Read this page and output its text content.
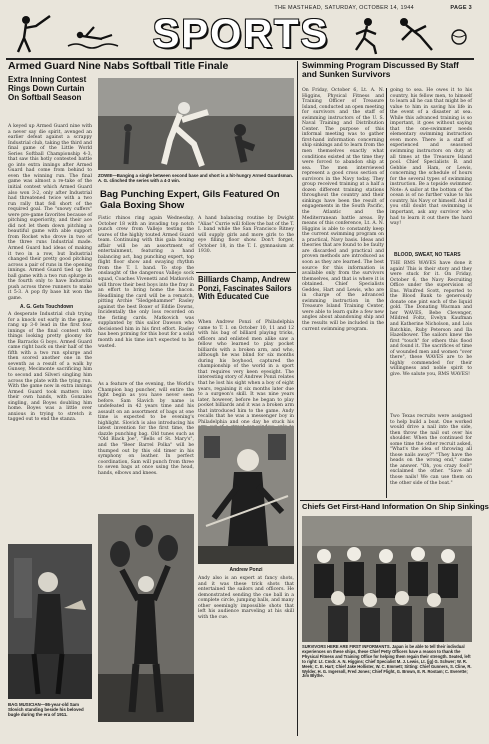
THE MASTHEAD, SATURDAY, OCTOBER 14, 1944	PAGE 3
SPORTS
Armed Guard Nine Nabs Softball Title Finale
Extra Inning Contest Rings Down Curtain On Softball Season
A keyed up Armed Guard nine with a never say die spirit, avenged an earlier defeat against a scrappy Industrial club, taking the third and final game of the Little World Series Softball Championship 4-3, that saw this hotly contested battle go into extra innings after Armed Guard had come from behind to even the winning run. The final game was almost a re-take of the initial contest which Armed Guard also won 3-2, only after Industrial had threatened twice with a two run rally that fell short of the required goal. The "snowy cuffers" were pre-game favorites because of pitching superiority, and their ace did not let them down pitching a beautiful game with able support from Rocket who drove in two of the three runs Industrial made. Armed Guard had ideas of making it two in a row, but Industrial changed their pretty good pitching across a pair of runs in the opening innings. Armed Guard tied up the ball game with a two run splurge in the fourth only to have Industrial push across three runners to make it 5-3. A pop fly base hit won the game.
A. G. Gets Touchdown
A desperate Industrial club trying for a knock out early in the game, rang up 3-0 lead in the first four innings of the final contest with things looking pretty gloomy for the Barracks G boys. Armed Guard came right back on their half of the fifth with a two run splurge and then scored another one in the seventh as a result of a walk by Gunsey, Mecimonte sacrificing him to second and Silveri singling him across the plate with the tying run. With the game now in extra innings Armed Guard took matters into their own hands, with Gonzales singling, and Boyes doubling him home. Boyes was a little over anxious in trying to stretch it tagged out to end the stanza.
BAG MUSICIAN—86-year-old Sam Slovich standing beside his beloved bugle during the era of 1911.
ZOWIE—Banging a single between second base and short is a hit-hungry Armed Guardsman. A. G. clinched the series with a 4-3 win.
Bag Punching Expert, Gils Featured On Gala Boxing Show
Fistic rhinos ring again Wednesday, October 18 with an invading top notch punch crew from Vallejo testing the wares of the highly touted Armed Guard team. Continuing with this gala boxing affair will be an assortment of entertainment, featuring a hand balancing act, bag punching expert, top flight floor show and swaying rhythm from the T. I. band. To stop the onslaught of the dangerous Vallejo sock squad, Coaches Vivenetti and Matkovich will throw their best boys into the fray in an effort to bring home the bacon. Headlining the card will be a rematch, pitting Archie "Sledgehammer" Rasley against the best Boxer of Eddie Downs, Incidentally the only loss recorded on the fisting cards. Matkovich was supplanted by this sailor Dawson who decisioned him in his first effort. Rasley has been priming for this bout for a solid month and his time isn't expected to be wasted.
As a feature of the evening, the World's Champion bag puncher, will entire the fight begin as you have never seen before. Sam Slavich by name is undefeated in 42 years time and his assault on an assortment of bags at one time is expected to be evening's highlight. Slovich is also introducing his latest invention for the first time, the dazzle punching bag. Old tunes such as "Old Black Joe", "Bells of St. Mary's", and the "Beer Barrel Polka" will be thumped out by this old timer in his symphony on leather. In perfect coordination, Sam will punch from three to seven bags at once using the head, hands, elbows and knees.
A hand balancing routine by Dwight "Alias" Currie will follow the bat of the T. I. band while the San Francisco Ritney will supply girls and more girls to the eye filling floor show. Don't forget, October 18, in the T. I. gymnasium at 1930.
Billiards Champ, Andrew Ponzi, Fascinates Sailors With Educated Cue
When Andrew Ponzi of Philadelphia came to T. I. on October 10, 11 and 12 with his bag of billiard playing tricks, officers and enlisted men alike saw a fellow who learned to play pocket billiards with a broken arm, and who, although he was blind for six months during his boyhood, captured the championship of the world in a sport that requires very keen eyesight. The interesting story of Andrew Ponzi relates that he lost his sight when a boy of eight years, regaining it six months later due to a surgeon's skill. It was nine years later, however, before he began to play pocket billiards and it was a broken arm that introduced him to the game. Andy recalls that he was a messenger boy in Philadelphia and one day he stuck his
Andrew Ponzi
Andy also is an expert at fancy shots, and it was these trick shots that entertained the sailors and officers. He demonstrated sending the cue ball in a complete circle, jumping balls, and many other seemingly impossible shots that left his audience marveling at his skill with the cue.
Swimming Program Discussed By Staff and Sunken Survivors
On Friday, October 6, Lt. A. N. Higgins, Physical Fitness and Training Officer of Treasure Island, conducted an open meeting for survivors and the staff of swimming instructors of the U. S. Naval Training and Distribution Center. The purpose of this informal meeting was to gather first-hand information concerning ship sinkings and to learn from the men themselves exactly what conditions existed at the time they were forced to abandon ship at sea. The men interviewed represent a good cross section of survivors in the Navy today. They group received training at a half a dozen different training stations throughout the country and their sinkings have been the result of engagements in the South Pacific, the Atlantic and the Mediterranean battle areas. By means of this conference, Lt. A. N. Higgins is able to constantly keep the current swimming program on a practical, Navy basis. Ideas and theories that are found to be faulty are discarded and practical and proven methods are introduced as soon as they are learned. The best source for this information is available only from the survivors themselves, and that is where it is obtained. Chief Specialists Geddes, Hart and Lewis, who are in charge of the advanced swimming instruction in the Treasure Island Training Center, were able to learn quite a few new angles about abandoning ship and the results will be included in the current swimming program.
going to sea. He owes it to his country, his fellow men, to himself to learn all he can that might be of value to him in saving his life in the event of a disaster at sea. While this advanced training is so important, it goes without saying that the one-swimmer needs elementary swimming instruction even more. There is a staff of experienced and seasoned swimming instructors on duty at all times at the Treasure Island pool. Chief Specialists B. and Gebbie and Ham, or Lewis, concerning the schedule of hours for the several types of swimming instruction. Be a topside swimmer. Note: A sailor at the bottom of the ocean is of no further value to his country, his Navy or himself. And if you still doubt that swimming is important, ask any survivor who had to learn it out there the hard way!
BLOOD, SWEAT, NO TEARS
THE RMS WAVES have done it again! This is their story and they were stuck for it. On Friday, October 6, the Navy Recruiting Office under the supervision of Ens. Winifred Scott, reported to the Blood Bank to generously donate one pint each of the liquid gold. The Donating Wacman and her WAVES, Bebe Clevenger, Mildred Foltz, Evelyn Kaufman and Katherine Nicholson, and Lois Batchkin, Ruby Peterson and Ila Hazelbower. The sailors knew the first "touch" for others this flood and found it. The sacrifices of time of wounded men and women "over there", these WAVES are to be highly commended for their willingness and noble spirit to give. We salute you, RMS WAVES!
Two Texas recruits were assigned to help build a boat. One worked would drive a nail into the side, then throw the nail out over his shoulder. When the continued for some time the other recruit asked, "What's the idea of throwing all those nails away?" "They have the heads on the wrong end," came the answer. "Oh, you crazy fool!" exclaimed the other. "Save all those nails! We can use them on the other side of the boat."
Chiefs Get First-Hand Information On Ship Sinkings
SURVIVORS HERE ARE FIRST INFORMANTS. Japan is be able to tell their indivdual experiences on these ships, these Chief Petty Officers have a reason to thank the Physical Fitness and Training Office for helping them regain their strength. Seated, left to right: Lt. Cmdr. A. N. Higgins; Chief Specialist M. J. Lewis, Lt. (jg) G. Schwer; W. R. Meek; C. E. Hart; Chief Jake Hollister, W. C. Emmett; Sitting: Chief Gunners, S. Cline, R. Wylder, H. G. Ingersoll, Fred Jones; Chief Flight, G. Brown, E. R. Rostam; C. Everette; Jim Blythe.
